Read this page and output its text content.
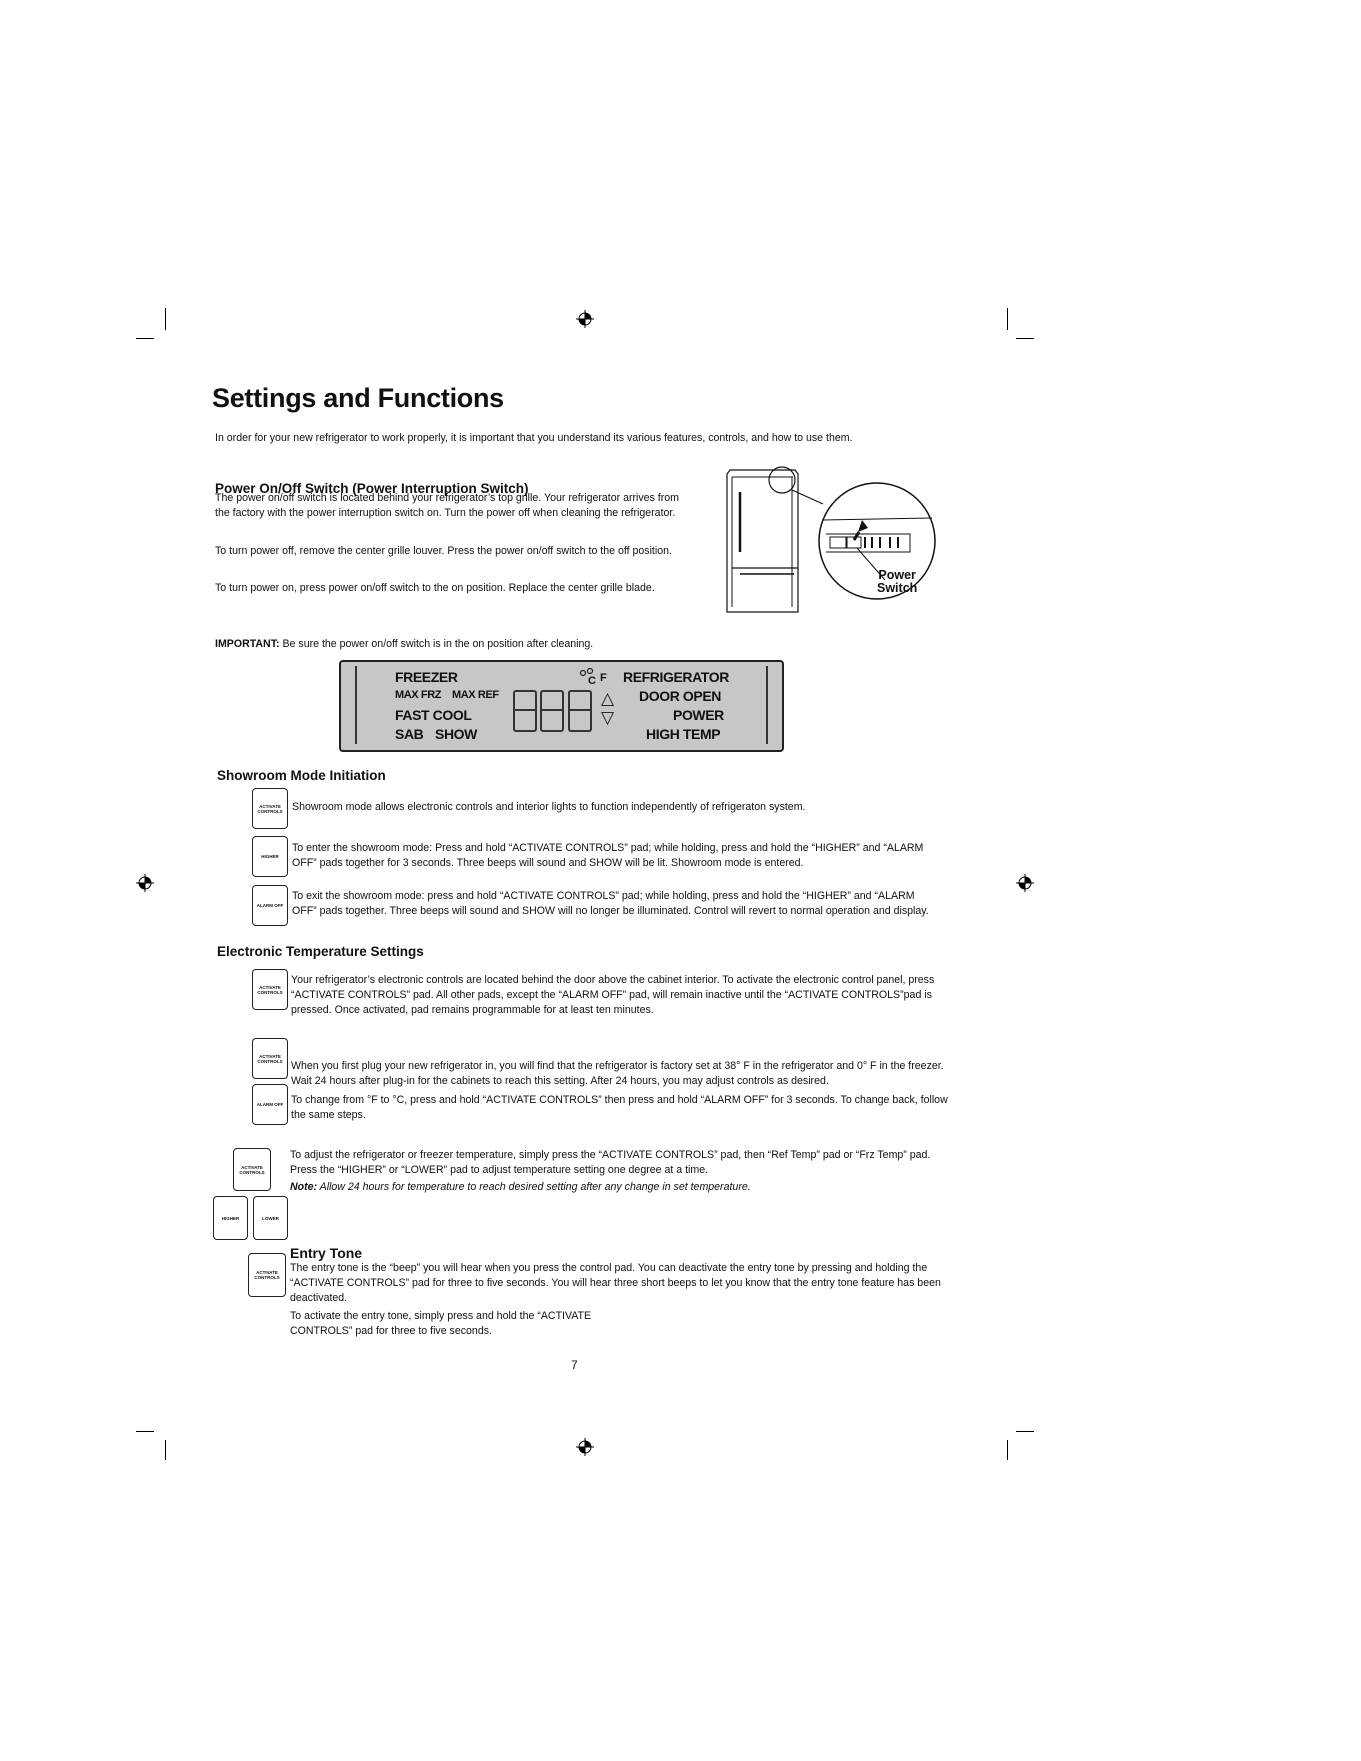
Settings and Functions

In order for your new refrigerator to work properly, it is important that you understand its various features, controls, and how to use them.

Power On/Off Switch (Power Interruption Switch)

The power on/off switch is located behind your refrigerator’s top grille. Your refrigerator arrives from the factory with the power interruption switch on. Turn the power off when cleaning the refrigerator.

To turn power off, remove the center grille louver. Press the power on/off switch to the off position.

To turn power on, press power on/off switch to the on position. Replace the center grille blade.

Power
Switch

IMPORTANT: Be sure the power on/off switch is in the on position after cleaning.

FREEZER
MAX FRZ MAX REF
FAST COOL
SAB SHOW
C F
△
▽
REFRIGERATOR
DOOR OPEN
POWER
HIGH TEMP

Showroom Mode Initiation

ACTIVATE CONTROLS Showroom mode allows electronic controls and interior lights to function independently of refrigeraton system.

HIGHER

To enter the showroom mode: Press and hold “ACTIVATE CONTROLS” pad; while holding, press and hold the “HIGHER” and “ALARM OFF” pads together for 3 seconds. Three beeps will sound and SHOW will be lit. Showroom mode is entered.

ALARM OFF

To exit the showroom mode: press and hold “ACTIVATE CONTROLS” pad; while holding, press and hold the “HIGHER” and “ALARM OFF” pads together. Three beeps will sound and SHOW will no longer be illuminated. Control will revert to normal operation and display.

Electronic Temperature Settings

ACTIVATE CONTROLS

Your refrigerator’s electronic controls are located behind the door above the cabinet interior. To activate the electronic control panel, press “ACTIVATE CONTROLS” pad. All other pads, except the “ALARM OFF” pad, will remain inactive until the “ACTIVATE CONTROLS”pad is pressed. Once activated, pad remains programmable for at least ten minutes.

ACTIVATE CONTROLS When you first plug your new refrigerator in, you will find that the refrigerator is factory set at 38° F in the refrigerator and 0° F in the freezer. Wait 24 hours after plug-in for the cabinets to reach this setting. After 24 hours, you may adjust controls as desired.

ALARM OFF To change from °F to °C, press and hold “ACTIVATE CONTROLS” then press and hold “ALARM OFF” for 3 seconds. To change back, follow the same steps.

ACTIVATE CONTROLS
HIGHER	LOWER

To adjust the refrigerator or freezer temperature, simply press the “ACTIVATE CONTROLS” pad, then “Ref Temp” pad or “Frz Temp” pad. Press the “HIGHER” or “LOWER” pad to adjust temperature setting one degree at a time.

Note: Allow 24 hours for temperature to reach desired setting after any change in set temperature.

Entry Tone

ACTIVATE CONTROLS

The entry tone is the “beep” you will hear when you press the control pad. You can deactivate the entry tone by pressing and holding the “ACTIVATE CONTROLS” pad for three to five seconds. You will hear three short beeps to let you know that the entry tone feature has been deactivated.

To activate the entry tone, simply press and hold the “ACTIVATE CONTROLS” pad for three to five seconds.

7
